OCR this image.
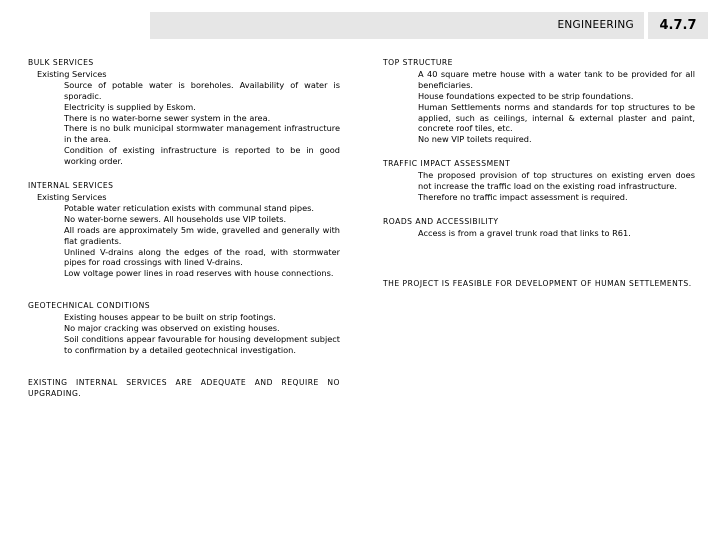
ENGINEERING	4.7.7

BULK SERVICES

Existing Services

Source of potable water is boreholes. Availability of water is sporadic.

Electricity is supplied by Eskom.

There is no water-borne sewer system in the area.

There is no bulk municipal stormwater management infrastructure in the area.

Condition of existing infrastructure is reported to be in good working order.

INTERNAL SERVICES

Existing Services

Potable water reticulation exists with communal stand pipes.

No water-borne sewers. All households use VIP toilets.

All roads are approximately 5m wide, gravelled and generally with flat gradients.

Unlined V-drains along the edges of the road, with stormwater pipes for road crossings with lined V-drains.

Low voltage power lines in road reserves with house connections.

GEOTECHNICAL CONDITIONS

Existing houses appear to be built on strip footings.

No major cracking was observed on existing houses.

Soil conditions appear favourable for housing development subject to confirmation by a detailed geotechnical investigation.

EXISTING INTERNAL SERVICES ARE ADEQUATE AND REQUIRE NO UPGRADING.

TOP STRUCTURE

A 40 square metre house with a water tank to be provided for all beneficiaries.

House foundations expected to be strip foundations.

Human Settlements norms and standards for top structures to be applied, such as ceilings, internal & external plaster and paint, concrete roof tiles, etc.

No new VIP toilets required.

TRAFFIC IMPACT ASSESSMENT

The proposed provision of top structures on existing erven does not increase the traffic load on the existing road infrastructure.

Therefore no traffic impact assessment is required.

ROADS AND ACCESSIBILITY

Access is from a gravel trunk road that links to R61.

THE PROJECT IS FEASIBLE FOR DEVELOPMENT OF HUMAN SETTLEMENTS.
